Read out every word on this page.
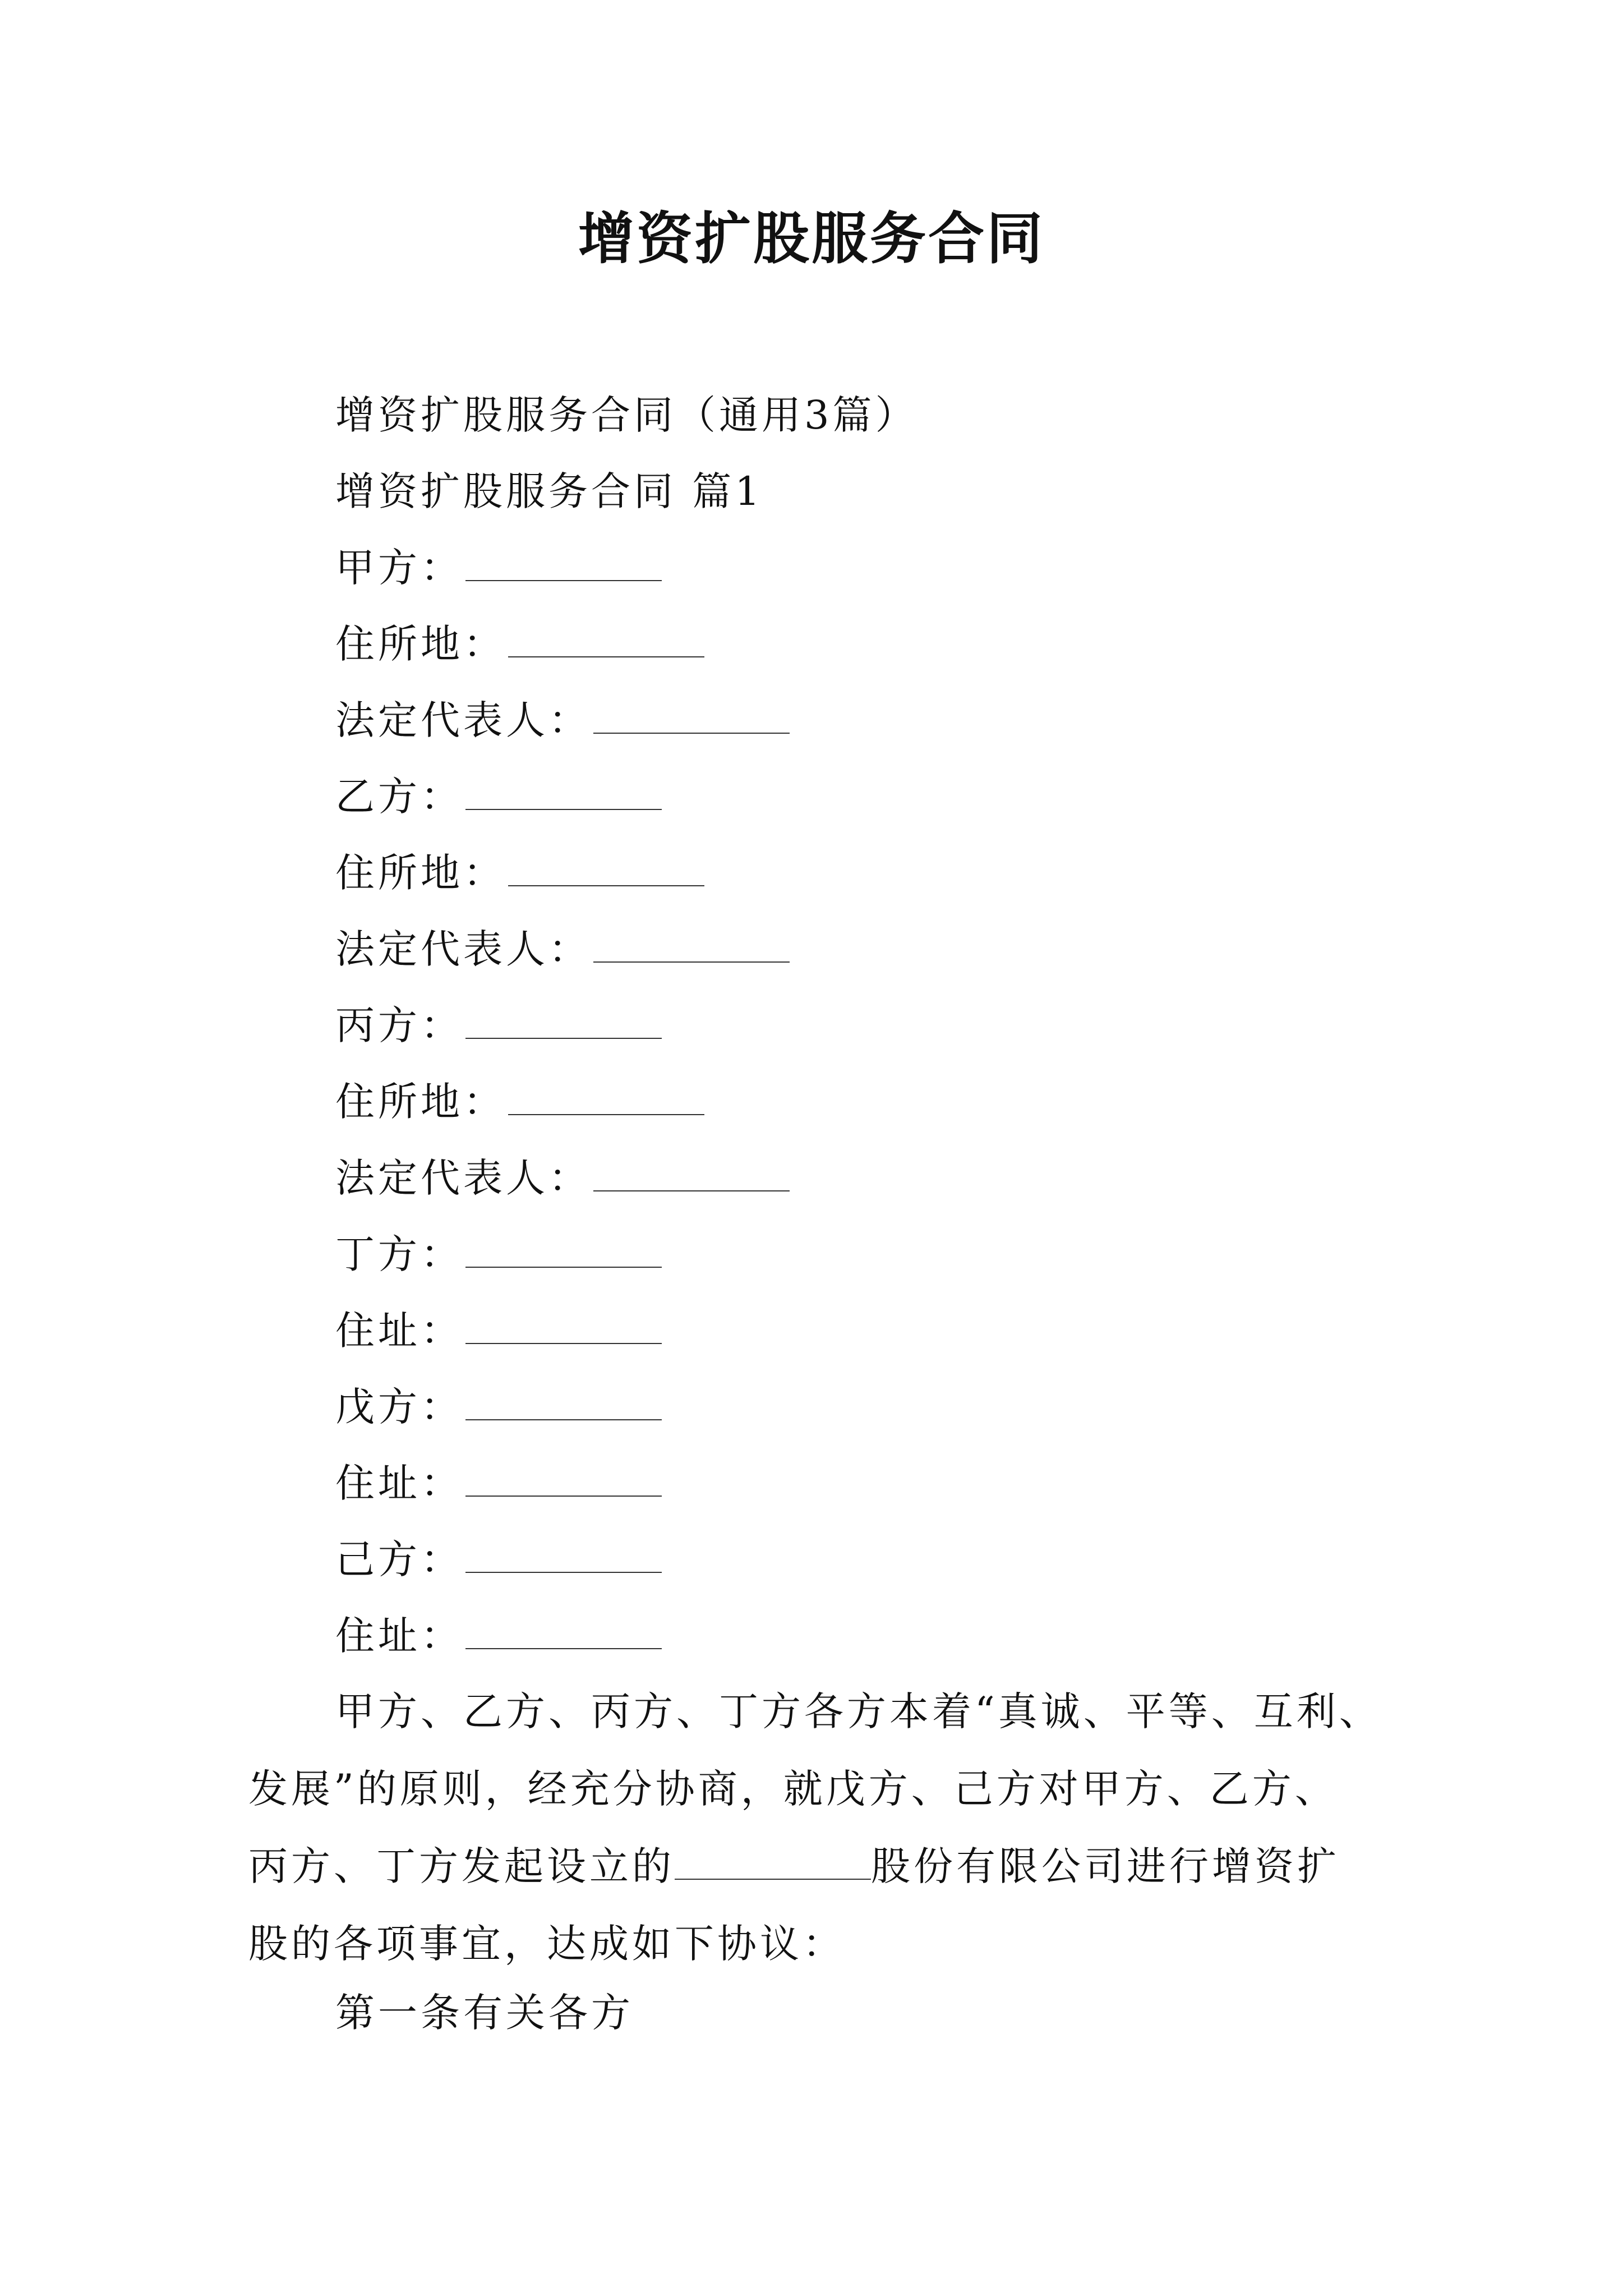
增资扩股服务合同
增资扩股服务合同（通用3篇）
增资扩股服务合同 篇1
甲方：
住所地：
法定代表人：
乙方：
住所地：
法定代表人：
丙方：
住所地：
法定代表人：
丁方：
住址：
戊方：
住址：
己方：
住址：
甲方、乙方、丙方、丁方各方本着“真诚、平等、互利、
发展”的原则，经充分协商，就戊方、己方对甲方、乙方、
丙方、丁方发起设立的	股份有限公司进行增资扩
股的各项事宜，达成如下协议：
第一条有关各方
